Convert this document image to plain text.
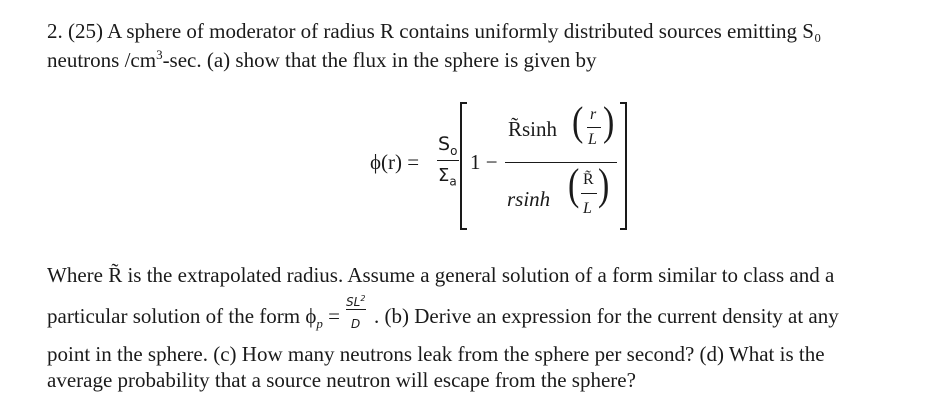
2. (25) A sphere of moderator of radius R contains uniformly distributed sources emitting S₀
neutrons $/cm^3-\sec$. (a) show that the flux in the sphere is given by
ϕ(r) =
$S_o$
$\Sigma_a$
1 −
R̃sinh ( r
L )
rsinh ( R̃
L )
Where R̃ is the extrapolated radius. Assume a general solution of a form similar to class and a
particular solution of the form $\phi_p = \frac{SL^2}{D}$ . (b) Derive an expression for the current density at any
point in the sphere. (c) How many neutrons leak from the sphere per second? (d) What is the
average probability that a source neutron will escape from the sphere?
